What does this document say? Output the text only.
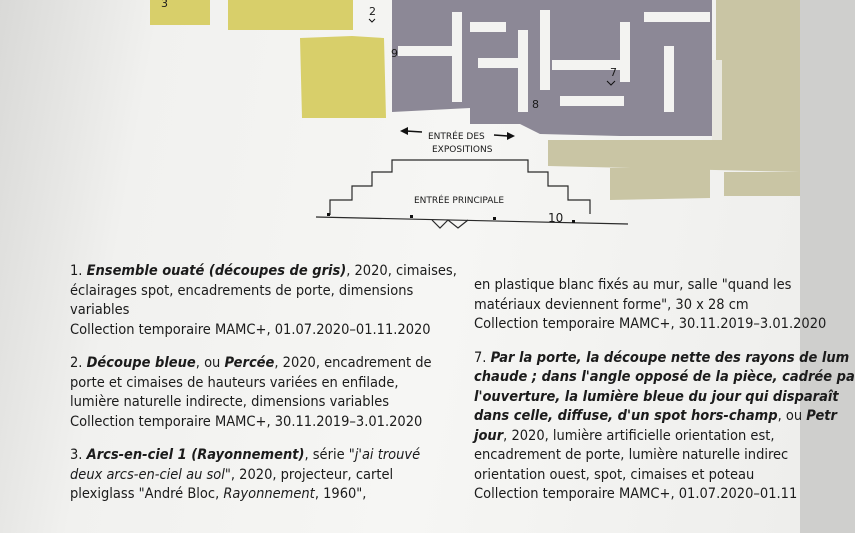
3
2
9
7
8
10
ENTRÉE DES
EXPOSITIONS
ENTRÉE PRINCIPALE
1. Ensemble ouaté (découpes de gris), 2020, cimaises,
éclairages spot, encadrements de porte, dimensions
variables
Collection temporaire MAMC+, 01.07.2020–01.11.2020
2. Découpe bleue, ou Percée, 2020, encadrement de
porte et cimaises de hauteurs variées en enfilade,
lumière naturelle indirecte, dimensions variables
Collection temporaire MAMC+, 30.11.2019–3.01.2020
3. Arcs-en-ciel 1 (Rayonnement), série "j'ai trouvé
deux arcs-en-ciel au sol", 2020, projecteur, cartel
plexiglass "André Bloc, Rayonnement, 1960",
en plastique blanc fixés au mur, salle "quand les
matériaux deviennent forme", 30 x 28 cm
Collection temporaire MAMC+, 30.11.2019–3.01.2020
7. Par la porte, la découpe nette des rayons de lum
chaude ; dans l'angle opposé de la pièce, cadrée pa
l'ouverture, la lumière bleue du jour qui disparaît
dans celle, diffuse, d'un spot hors-champ, ou Petr
jour, 2020, lumière artificielle orientation est,
encadrement de porte, lumière naturelle indirec
orientation ouest, spot, cimaises et poteau
Collection temporaire MAMC+, 01.07.2020–01.11
